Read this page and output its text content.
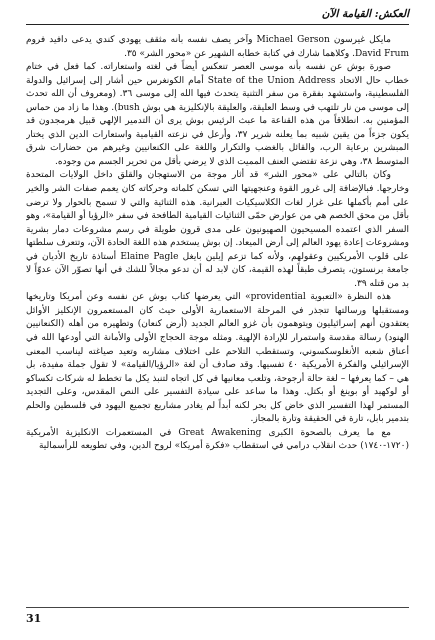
العكش: القيامة الآن

مايكل غيرسون Michael Gerson وآخر يصف نفسه بأنه مثقف يهودي كندي يدعى دافيد فروم David Frum. وكلاهما شارك في كتابة خطابه الشهير عن «محور الشر» ٣٥.

صورة بوش عن نفسه بأنه موسى العصر تنعكس أيضاً في لغته واستعاراته. كما فعل في ختام خطاب حال الاتحاد State of the Union Address أمام الكونغرس حين أشار إلى إسرائيل والدولة الفلسطينية، واستشهد بفقرة من سفر التثنية يتحدث فيها الله إلى موسى ٣٦. (ومعروف أن الله تحدث إلى موسى من نار تلتهب في وسط العليقة، والعليقة بالإنكليزية هي بوش bush). وهذا ما زاد من حماس المؤمنين به. انطلاقاً من هذه القناعة ما عبث الرئيس بوش يرى أن التدمير الإلهي قبيل هرمجدون قد يكون جزءاً من يقين شبيه بما يعلنه شرير ٣٧، وأرعل في نزعته القيامية واستعارات الدين الذي يختار المبشرين برعاية الرب، والقائل بالغضب والتكرار واللغة على الكنعانيين وغيرهم من حضارات شرق المتوسط ٣٨، وهي نزعة تقتضي العنف المميت الذي لا يرضي بأقل من تحرير الجسم من وجوده.

وكان بالتالي على «محور الشر» قد أثار موجة من الاستهجان والقلق داخل الولايات المتحدة وخارجها. فبالإضافة إلى غرور القوة وعنجهيتها التي تسكن كلماته وحركاته كان يعمم صفات الشر والخير على أمم بأكملها على غرار لغات الكلاسيكيات العبرانية. هذه الثنائية والتي لا تسمح بالحوار ولا ترضى بأقل من محق الخصم هي من عوارض حمّى الثنائيات القيامية الطافحة في سفر «الرؤيا أو القيامة»، وهو السفر الذي اعتمده المسيحيون الصهيونيون على مدى قرون طويلة في رسم مشروعات دمار بشرية ومشروعات إعادة يهود العالم إلى أرض الميعاد. إن بوش يستخدم هذه اللغة الحادة الآن، وتتعرف سلطتها على قلوب الأمريكيين وعقولهم، ولأنه كما تزعم إيلين بايغل Elaine Pagle أستاذة تاريخ الأديان في جامعة برنستون، يتصرف طبقاً لهذه القيمة، كان لابد له أن تدعو مجالاً للشك في أنها تصوّر الآن عدوّاً لا بد من قتله ٣٩.

هذه النظرة «التعبوية providential» التي يعرضها كتاب بوش عن نفسه وعن أمريكا وتاريخها ومستقبلها ورسالتها تتجذر في المرحلة الاستعمارية الأولى حيث كان المستعمرون الإنكليز الأوائل يعتقدون أنهم إسرائيليون ويتوهمون بأن غزو العالم الجديد (أرض كنعان) وتطهيره من أهله (الكنعانيين الهنود) رسالة مقدسة واستمرار للإرادة الإلهية. ومثله موجة الحجاج الأولى والأمانة التي أودعها الله في أعناق شعبه الأنغلوسكسوني، وتستقطب التلاحم على اختلاف مشاربه وتعيد صياغته ليناسب المعنى الإسرائيلي والفكرة الأمريكية ٤٠ تفسيها. وقد صادف أن لغة «الرؤيا/القيامة» لا تقول جملة مفيدة، بل هي – كما يعرفها – لغة حالة أرجوحة، وتلعب معانيها في كل اتجاه لتنبذ يكل ما تخطط له شركات تكساكو أو لوكهيد أو بوينغ أو بكتل. وهذا ما ساعد على سيادة التفسير على النص المقدس، وعلى التجديد المستمر لهذا التفسير الذي خاض كل بحر لكنه أبداً لم يغادر مشاريع تجميع اليهود في فلسطين والحلم بتدمير بابل، تارة في الحقيقة وتارة بالمجاز.

مع ما يعرف بالصحوة الكبرى Great Awakening في المستعمرات الانكليزية الأمريكية (١٧٢٠-١٧٤٠) حدث انقلاب درامي في استقطاب «فكرة أمريكا» لروح الدين، وفي تطويعه للرأسمالية

31
